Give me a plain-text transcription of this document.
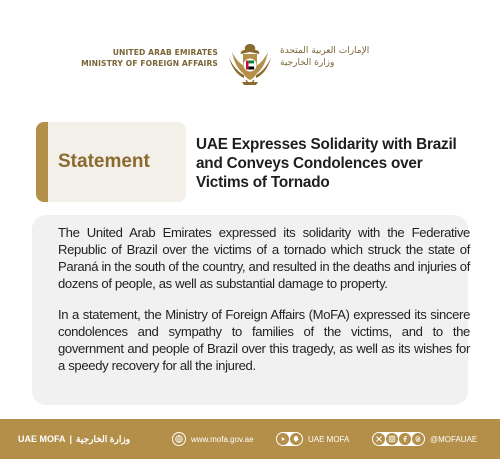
UNITED ARAB EMIRATES
MINISTRY OF FOREIGN AFFAIRS
الإمارات العربية المتحدة
وزارة الخارجية
Statement
UAE Expresses Solidarity with Brazil and Conveys Condolences over Victims of Tornado

The United Arab Emirates expressed its solidarity with the Federative Republic of Brazil over the victims of a tornado which struck the state of Paraná in the south of the country, and resulted in the deaths and injuries of dozens of people, as well as substantial damage to property.

In a statement, the Ministry of Foreign Affairs (MoFA) expressed its sincere condolences and sympathy to families of the victims, and to the government and people of Brazil over this tragedy, as well as its wishes for a speedy recovery for all the injured.

UAE MOFA | وزارة الخارجية	www.mofa.gov.ae	UAE MOFA	@MOFAUAE
